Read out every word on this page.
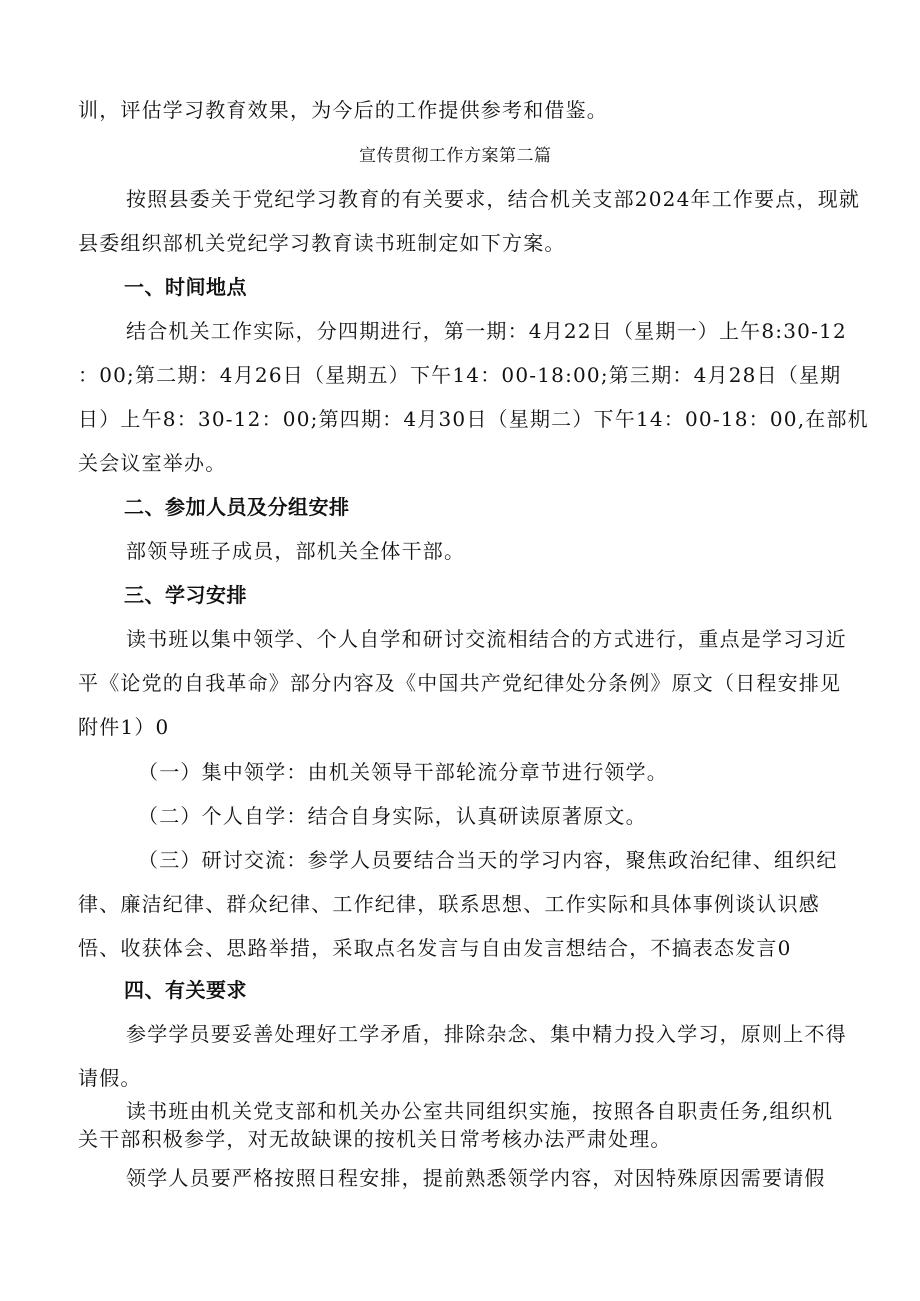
训，评估学习教育效果，为今后的工作提供参考和借鉴。

宣传贯彻工作方案第二篇

按照县委关于党纪学习教育的有关要求，结合机关支部2024年工作要点，现就

县委组织部机关党纪学习教育读书班制定如下方案。

一、时间地点

结合机关工作实际，分四期进行，第一期：4月22日（星期一）上午8:30-12

：00;第二期：4月26日（星期五）下午14：00-18:00;第三期：4月28日（星期

日）上午8：30-12：00;第四期：4月30日（星期二）下午14：00-18：00,在部机

关会议室举办。

二、参加人员及分组安排

部领导班子成员，部机关全体干部。

三、学习安排

读书班以集中领学、个人自学和研讨交流相结合的方式进行，重点是学习习近

平《论党的自我革命》部分内容及《中国共产党纪律处分条例》原文（日程安排见

附件1）0

（一）集中领学：由机关领导干部轮流分章节进行领学。

（二）个人自学：结合自身实际，认真研读原著原文。

（三）研讨交流：参学人员要结合当天的学习内容，聚焦政治纪律、组织纪

律、廉洁纪律、群众纪律、工作纪律，联系思想、工作实际和具体事例谈认识感

悟、收获体会、思路举措，采取点名发言与自由发言想结合，不搞表态发言0

四、有关要求

参学学员要妥善处理好工学矛盾，排除杂念、集中精力投入学习，原则上不得

请假。

读书班由机关党支部和机关办公室共同组织实施，按照各自职责任务,组织机

关干部积极参学，对无故缺课的按机关日常考核办法严肃处理。

领学人员要严格按照日程安排，提前熟悉领学内容，对因特殊原因需要请假
